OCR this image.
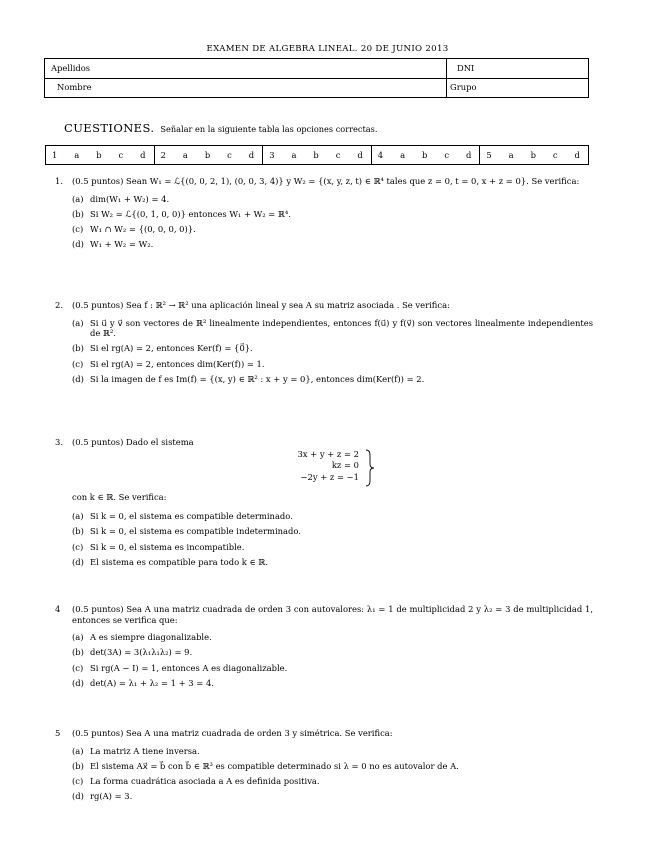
EXAMEN DE ALGEBRA LINEAL. 20 DE JUNIO 2013
Apellidos	DNI
Nombre	Grupo
CUESTIONES. Señalar en la siguiente tabla las opciones correctas.
1 a b c d 2 a b c d 3 a b c d 4 a b c d 5 a b c d
1.	(0.5 puntos) Sean W₁ = ℒ{(0, 0, 2, 1), (0, 0, 3, 4)} y W₂ = {(x, y, z, t) ∈ ℝ⁴ tales que z = 0, t = 0, x + z = 0}. Se verifica:
(a) dim(W₁ + W₂) = 4.
(b) Si W₂ = ℒ{(0, 1, 0, 0)} entonces W₁ + W₂ = ℝ⁴.
(c) W₁ ∩ W₂ = {(0, 0, 0, 0)}.
(d) W₁ + W₂ = W₂.
2.	(0.5 puntos) Sea f : ℝ² → ℝ² una aplicación lineal y sea A su matriz asociada . Se verifica:
(a) Si u⃗ y v⃗ son vectores de ℝ² linealmente independientes, entonces f(u⃗) y f(v⃗) son vectores linealmente independientes de ℝ².
(b) Si el rg(A) = 2, entonces Ker(f) = {0⃗}.
(c) Si el rg(A) = 2, entonces dim(Ker(f)) = 1.
(d) Si la imagen de f es Im(f) = {(x, y) ∈ ℝ² : x + y = 0}, entonces dim(Ker(f)) = 2.
3.	(0.5 puntos) Dado el sistema
3x + y + z = 2
kz = 0
−2y + z = −1
con k ∈ ℝ. Se verifica:
(a) Si k = 0, el sistema es compatible determinado.
(b) Si k = 0, el sistema es compatible indeterminado.
(c) Si k = 0, el sistema es incompatible.
(d) El sistema es compatible para todo k ∈ ℝ.
4	(0.5 puntos) Sea A una matriz cuadrada de orden 3 con autovalores: λ₁ = 1 de multiplicidad 2 y λ₂ = 3 de multiplicidad 1, entonces se verifica que:
(a) A es siempre diagonalizable.
(b) det(3A) = 3(λ₁λ₁λ₂) = 9.
(c) Si rg(A − I) = 1, entonces A es diagonalizable.
(d) det(A) = λ₁ + λ₂ = 1 + 3 = 4.
5	(0.5 puntos) Sea A una matriz cuadrada de orden 3 y simétrica. Se verifica:
(a) La matriz A tiene inversa.
(b) El sistema Ax⃗ = b⃗ con b⃗ ∈ ℝ³ es compatible determinado si λ = 0 no es autovalor de A.
(c) La forma cuadrática asociada a A es definida positiva.
(d) rg(A) = 3.
